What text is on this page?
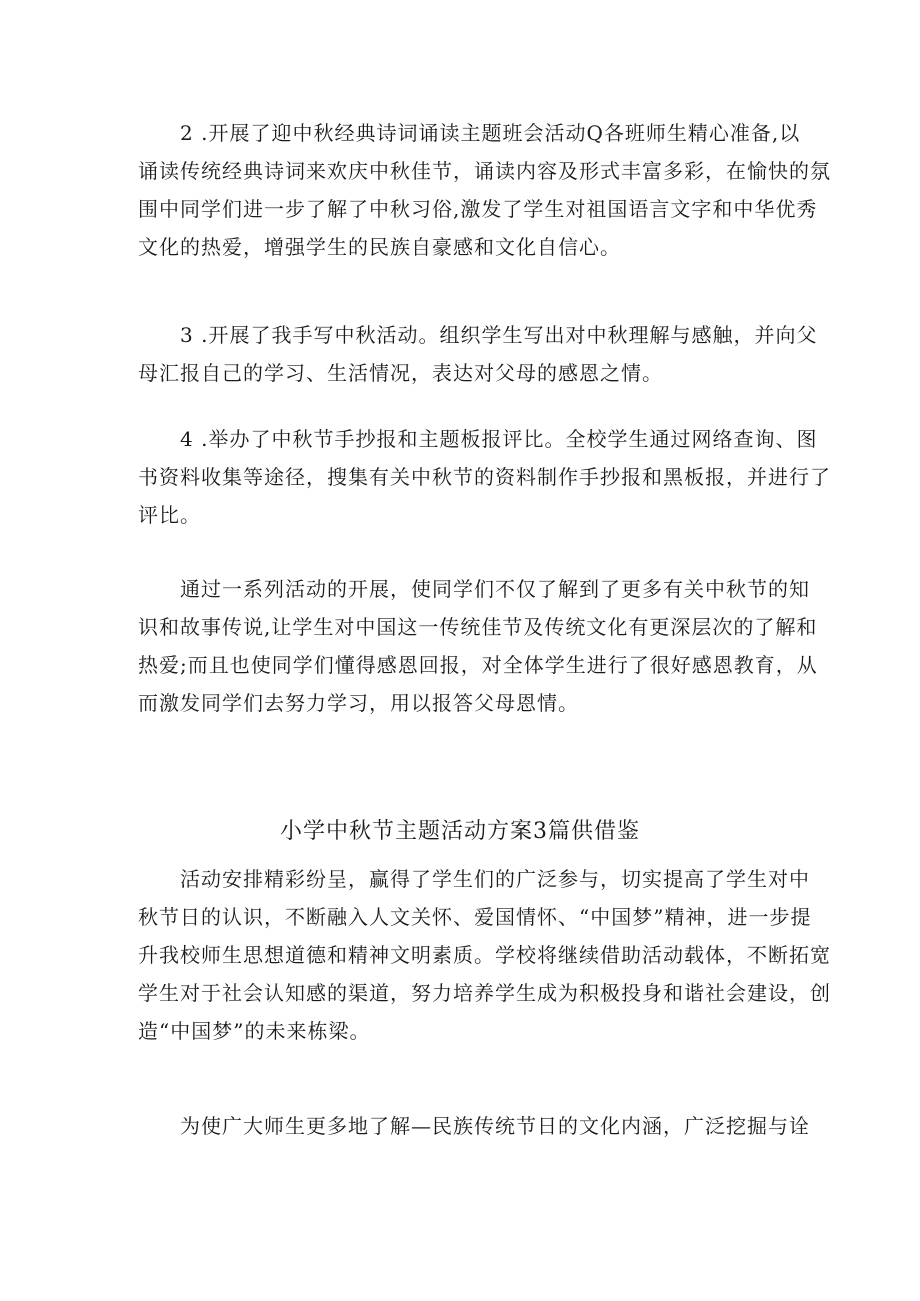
2 .开展了迎中秋经典诗词诵读主题班会活动Q各班师生精心准备,以
诵读传统经典诗词来欢庆中秋佳节，诵读内容及形式丰富多彩，在愉快的氛
围中同学们进一步了解了中秋习俗,激发了学生对祖国语言文字和中华优秀
文化的热爱，增强学生的民族自豪感和文化自信心。
3 .开展了我手写中秋活动。组织学生写出对中秋理解与感触，并向父
母汇报自己的学习、生活情况，表达对父母的感恩之情。
4 .举办了中秋节手抄报和主题板报评比。全校学生通过网络查询、图
书资料收集等途径，搜集有关中秋节的资料制作手抄报和黑板报，并进行了
评比。
通过一系列活动的开展，使同学们不仅了解到了更多有关中秋节的知
识和故事传说,让学生对中国这一传统佳节及传统文化有更深层次的了解和
热爱;而且也使同学们懂得感恩回报，对全体学生进行了很好感恩教育，从
而激发同学们去努力学习，用以报答父母恩情。
小学中秋节主题活动方案3篇供借鉴
活动安排精彩纷呈，赢得了学生们的广泛参与，切实提高了学生对中
秋节日的认识，不断融入人文关怀、爱国情怀、“中国梦”精神，进一步提
升我校师生思想道德和精神文明素质。学校将继续借助活动载体，不断拓宽
学生对于社会认知感的渠道，努力培养学生成为积极投身和谐社会建设，创
造“中国梦”的未来栋梁。
为使广大师生更多地了解—民族传统节日的文化内涵，广泛挖掘与诠
